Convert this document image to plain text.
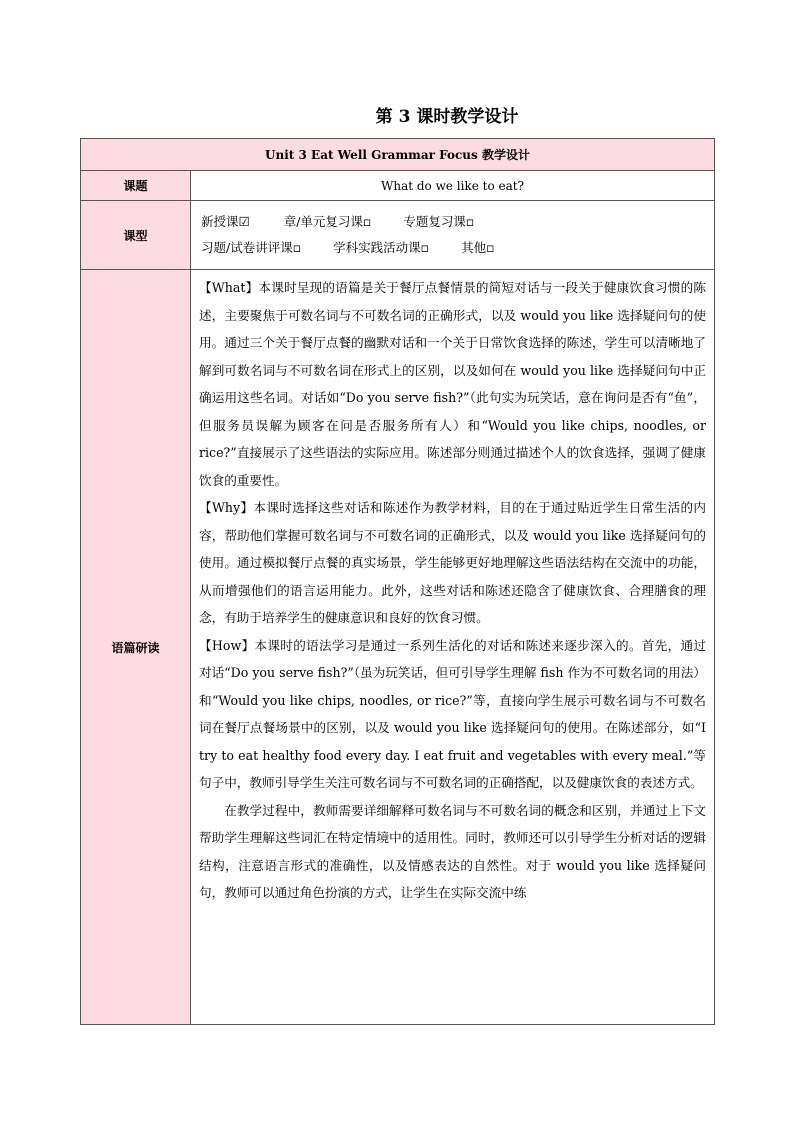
第 3 课时教学设计
Unit 3 Eat Well Grammar Focus 教学设计	
课题	What do we like to eat?
课型	新授课☑ 章/单元复习课▫ 专题复习课▫
习题/试卷讲评课▫ 学科实践活动课▫ 其他▫

语篇研读	【What】本课时呈现的语篇是关于餐厅点餐情景的简短对话与一段关于健康饮食习惯的陈述，主要聚焦于可数名词与不可数名词的正确形式，以及 would you like 选择疑问句的使用。通过三个关于餐厅点餐的幽默对话和一个关于日常饮食选择的陈述，学生可以清晰地了解到可数名词与不可数名词在形式上的区别，以及如何在 would you like 选择疑问句中正确运用这些名词。对话如“Do you serve fish?”（此句实为玩笑话，意在询问是否有“鱼”，但服务员误解为顾客在问是否服务所有人）和“Would you like chips, noodles, or rice?”直接展示了这些语法的实际应用。陈述部分则通过描述个人的饮食选择，强调了健康饮食的重要性。

【Why】本课时选择这些对话和陈述作为教学材料，目的在于通过贴近学生日常生活的内容，帮助他们掌握可数名词与不可数名词的正确形式，以及 would you like 选择疑问句的使用。通过模拟餐厅点餐的真实场景，学生能够更好地理解这些语法结构在交流中的功能，从而增强他们的语言运用能力。此外，这些对话和陈述还隐含了健康饮食、合理膳食的理念，有助于培养学生的健康意识和良好的饮食习惯。

【How】本课时的语法学习是通过一系列生活化的对话和陈述来逐步深入的。首先，通过对话“Do you serve fish?”（虽为玩笑话，但可引导学生理解 fish 作为不可数名词的用法）和“Would you like chips, noodles, or rice?”等，直接向学生展示可数名词与不可数名词在餐厅点餐场景中的区别，以及 would you like 选择疑问句的使用。在陈述部分，如“I try to eat healthy food every day. I eat fruit and vegetables with every meal.”等句子中，教师引导学生关注可数名词与不可数名词的正确搭配，以及健康饮食的表述方式。

在教学过程中，教师需要详细解释可数名词与不可数名词的概念和区别，并通过上下文帮助学生理解这些词汇在特定情境中的适用性。同时，教师还可以引导学生分析对话的逻辑结构，注意语言形式的准确性，以及情感表达的自然性。对于 would you like 选择疑问句，教师可以通过角色扮演的方式，让学生在实际交流中练
